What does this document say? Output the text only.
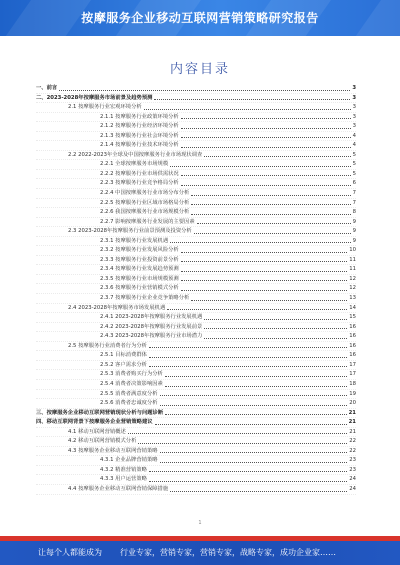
按摩服务企业移动互联网营销策略研究报告
内容目录
一、前言	3
二、2023-2028年按摩服务市场前景及趋势预测	3
2.1 按摩服务行业宏观环境分析	3
2.1.1 按摩服务行业政策环境分析	3
2.1.2 按摩服务行业经济环境分析	3
2.1.3 按摩服务行业社会环境分析	4
2.1.4 按摩服务行业技术环境分析	4
2.2 2022-2023年全球及中国按摩服务行业市场现状调查	5
2.2.1 全球按摩服务市场规模	5
2.2.2 按摩服务行业市场供需状况	5
2.2.3 按摩服务行业竞争格局分析	6
2.2.4 中国按摩服务行业市场分布分析	7
2.2.5 按摩服务行业区域市场格局分析	7
2.2.6 我国按摩服务行业市场规模分析	8
2.2.7 影响按摩服务行业发展的主要因素	9
2.3 2023-2028年按摩服务行业前景预测及投资分析	9
2.3.1 按摩服务行业发展机遇	9
2.3.2 按摩服务行业发展风险分析	10
2.3.3 按摩服务行业投资前景分析	11
2.3.4 按摩服务行业发展趋势预测	11
2.3.5 按摩服务行业市场规模预测	12
2.3.6 按摩服务行业营销模式分析	12
2.3.7 按摩服务行业企业竞争策略分析	13
2.4 2023-2028年按摩服务市场发展机遇	14
2.4.1 2023-2028年按摩服务行业发展机遇	15
2.4.2 2023-2028年按摩服务行业发展前景	16
2.4.3 2023-2028年按摩服务行业市场潜力	16
2.5 按摩服务行业消费者行为分析	16
2.5.1 目标消费群体	16
2.5.2 客户需求分析	17
2.5.3 消费者购买行为分析	17
2.5.4 消费者决策影响因素	18
2.5.5 消费者满意度分析	19
2.5.6 消费者忠诚度分析	20
三、按摩服务企业移动互联网营销现状分析与问题诊断	21
四、移动互联网背景下按摩服务企业营销策略建议	21
4.1 移动互联网营销概述	21
4.2 移动互联网营销模式分析	22
4.3 按摩服务企业移动互联网营销策略	22
4.3.1 企业品牌营销策略	23
4.3.2 精准营销策略	23
4.3.3 用户运营策略	24
4.4 按摩服务企业移动互联网营销保障措施	24
1
让每个人都能成为 行业专家，营销专家，营销专家，战略专家，成功企业家……
